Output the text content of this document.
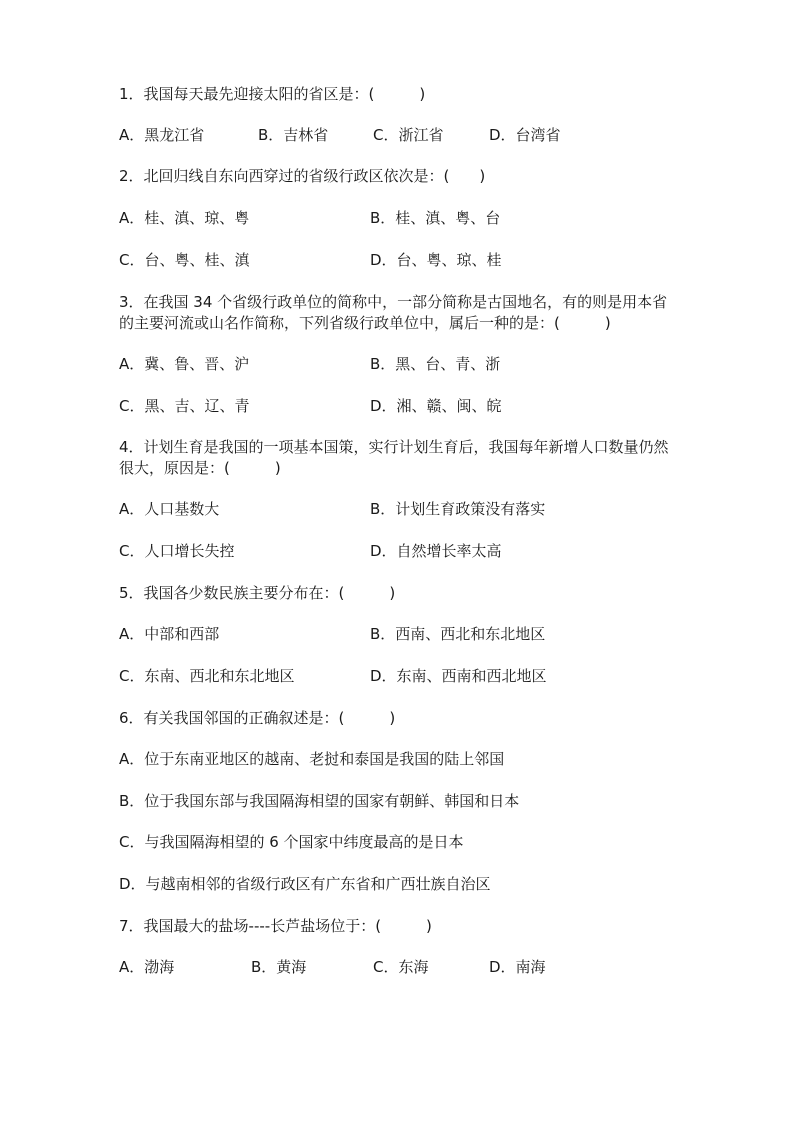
1．我国每天最先迎接太阳的省区是：(　　　)
A．黑龙江省	B．吉林省	C．浙江省	D．台湾省
2．北回归线自东向西穿过的省级行政区依次是：(　　)
A．桂、滇、琼、粤	B．桂、滇、粤、台
C．台、粤、桂、滇	D．台、粤、琼、桂
3．在我国 34 个省级行政单位的简称中，一部分简称是古国地名，有的则是用本省的主要河流或山名作简称，下列省级行政单位中，属后一种的是：(　　　)
A．冀、鲁、晋、沪	B．黑、台、青、浙
C．黑、吉、辽、青	D．湘、赣、闽、皖
4．计划生育是我国的一项基本国策，实行计划生育后，我国每年新增人口数量仍然很大，原因是：(　　　)
A．人口基数大	B．计划生育政策没有落实
C．人口增长失控	D．自然增长率太高
5．我国各少数民族主要分布在：(　　　)
A．中部和西部	B．西南、西北和东北地区
C．东南、西北和东北地区	D．东南、西南和西北地区
6．有关我国邻国的正确叙述是：(　　　)
A．位于东南亚地区的越南、老挝和泰国是我国的陆上邻国
B．位于我国东部与我国隔海相望的国家有朝鲜、韩国和日本
C．与我国隔海相望的 6 个国家中纬度最高的是日本
D．与越南相邻的省级行政区有广东省和广西壮族自治区
7．我国最大的盐场----长芦盐场位于：(　　　)
A．渤海	B．黄海	C．东海	D．南海
